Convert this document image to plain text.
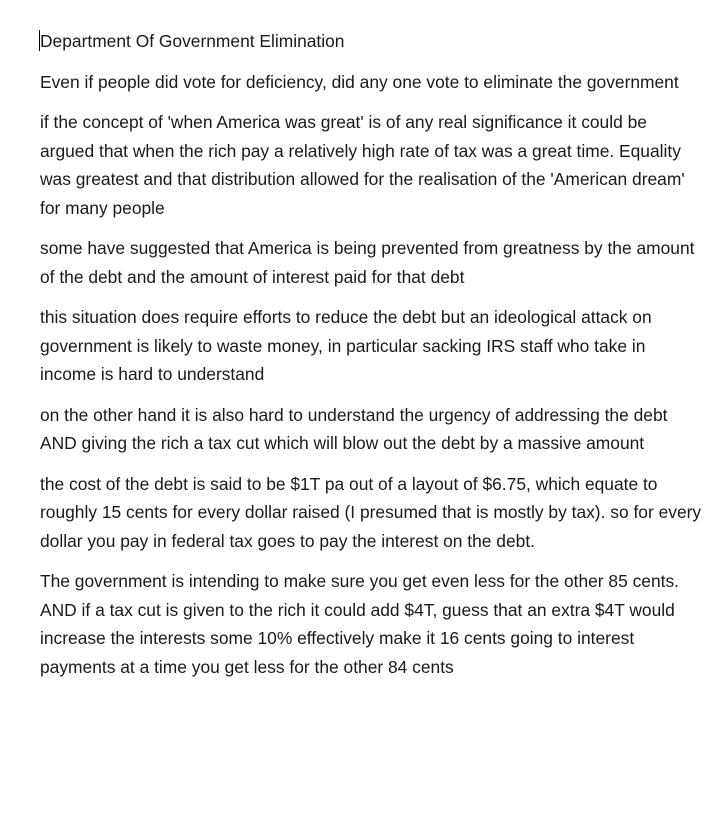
Department Of Government Elimination

Even if people did vote for deficiency, did any one vote to eliminate the government

if the concept of 'when America was great' is of any real significance it could be argued that when the rich pay a relatively high rate of tax was a great time. Equality was greatest and that distribution allowed for the realisation of the 'American dream' for many people

some have suggested that America is being prevented from greatness by the amount of the debt and the amount of interest paid for that debt

this situation does require efforts to reduce the debt but an ideological attack on government is likely to waste money, in particular sacking IRS staff who take in income is hard to understand

on the other hand it is also hard to understand the urgency of addressing the debt AND giving the rich a tax cut which will blow out the debt by a massive amount

the cost of the debt is said to be $1T pa out of a layout of $6.75, which equate to roughly 15 cents for every dollar raised (I presumed that is mostly by tax). so for every dollar you pay in federal tax goes to pay the interest on the debt.

The government is intending to make sure you get even less for the other 85 cents. AND if a tax cut is given to the rich it could add $4T, guess that an extra $4T would increase the interests some 10% effectively make it 16 cents going to interest payments at a time you get less for the other 84 cents
